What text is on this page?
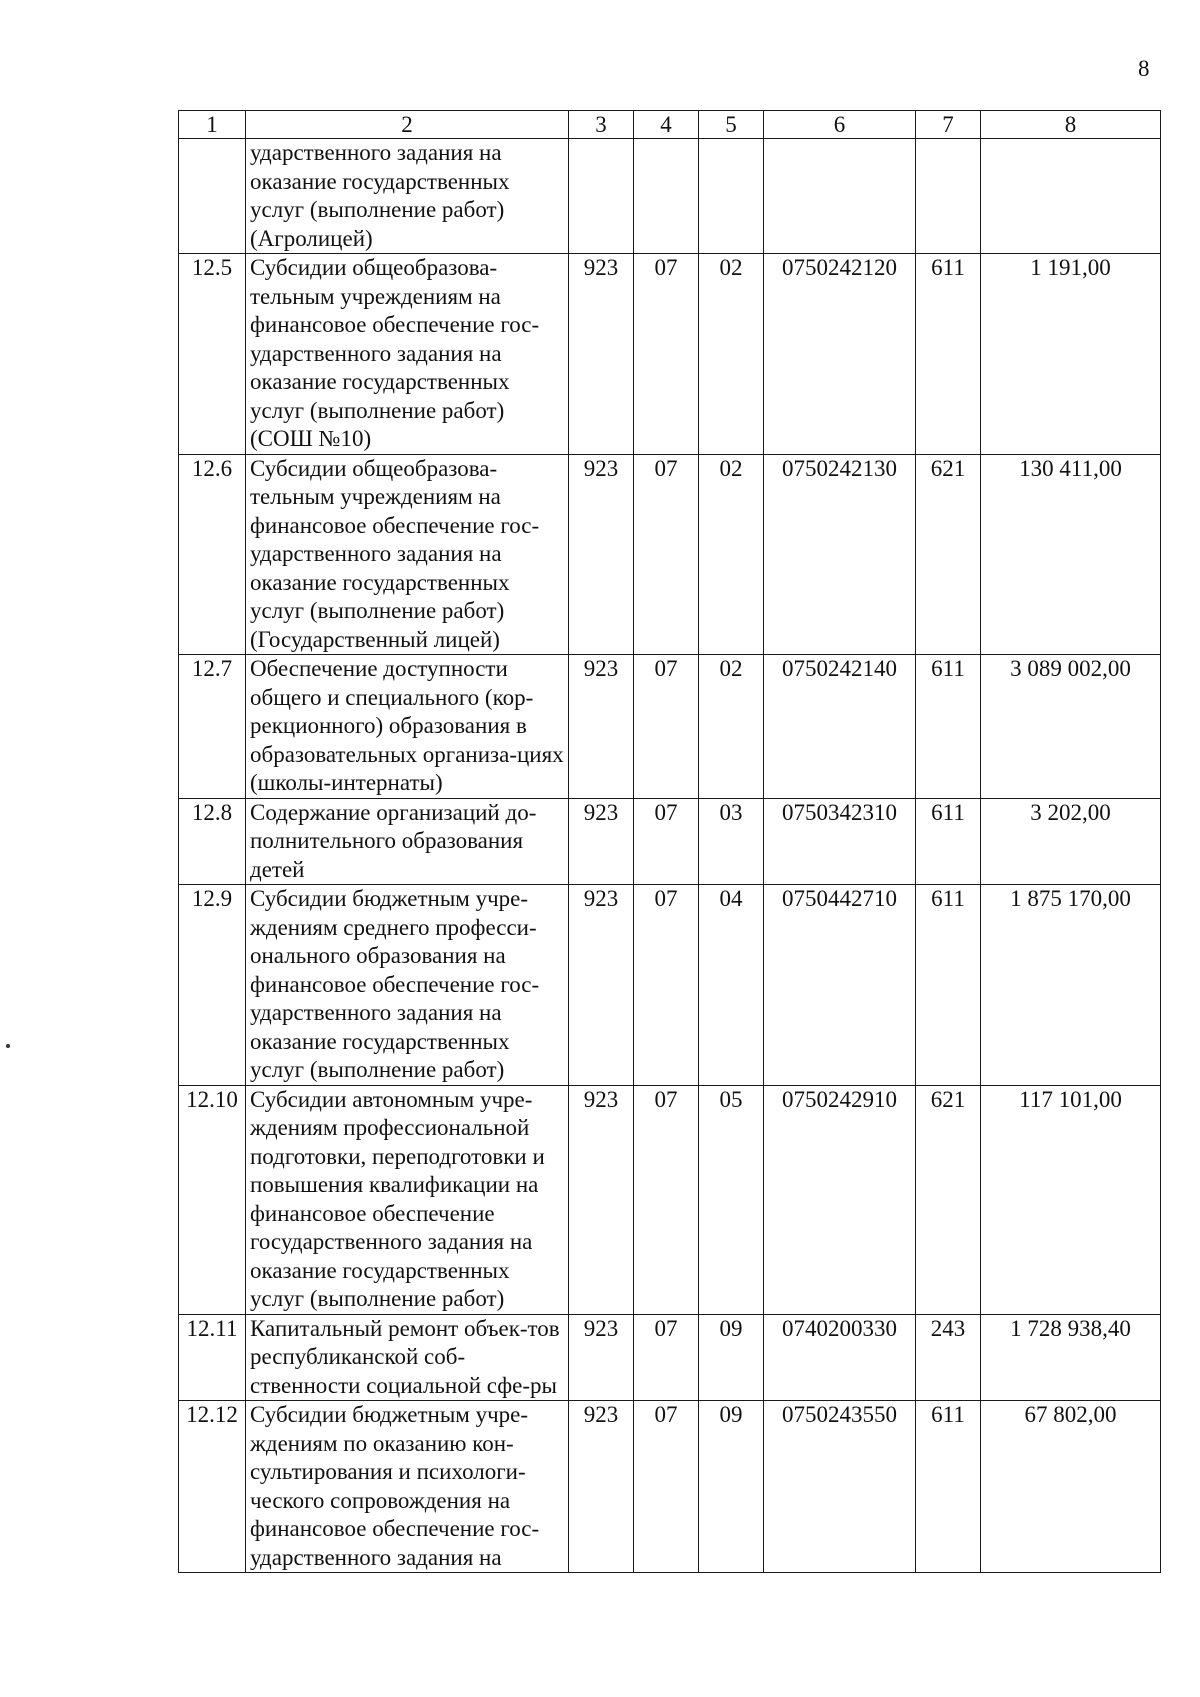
8
1	2	3	4	5	6	7	8
	ударственного задания на оказание государственных услуг (выполнение работ) (Агролицей)						
12.5	Субсидии общеобразова-тельным учреждениям на финансовое обеспечение гос-ударственного задания на оказание государственных услуг (выполнение работ) (СОШ №10)	923	07	02	0750242120	611	1 191,00
12.6	Субсидии общеобразова-тельным учреждениям на финансовое обеспечение гос-ударственного задания на оказание государственных услуг (выполнение работ) (Государственный лицей)	923	07	02	0750242130	621	130 411,00
12.7	Обеспечение доступности общего и специального (кор-рекционного) образования в образовательных организа-циях (школы-интернаты)	923	07	02	0750242140	611	3 089 002,00
12.8	Содержание организаций до-полнительного образования детей	923	07	03	0750342310	611	3 202,00
12.9	Субсидии бюджетным учре-ждениям среднего професси-онального образования на финансовое обеспечение гос-ударственного задания на оказание государственных услуг (выполнение работ)	923	07	04	0750442710	611	1 875 170,00
12.10	Субсидии автономным учре-ждениям профессиональной подготовки, переподготовки и повышения квалификации на финансовое обеспечение государственного задания на оказание государственных услуг (выполнение работ)	923	07	05	0750242910	621	117 101,00
12.11	Капитальный ремонт объек-тов республиканской соб-ственности социальной сфе-ры	923	07	09	0740200330	243	1 728 938,40
12.12	Субсидии бюджетным учре-ждениям по оказанию кон-сультирования и психологи-ческого сопровождения на финансовое обеспечение гос-ударственного задания на	923	07	09	0750243550	611	67 802,00
